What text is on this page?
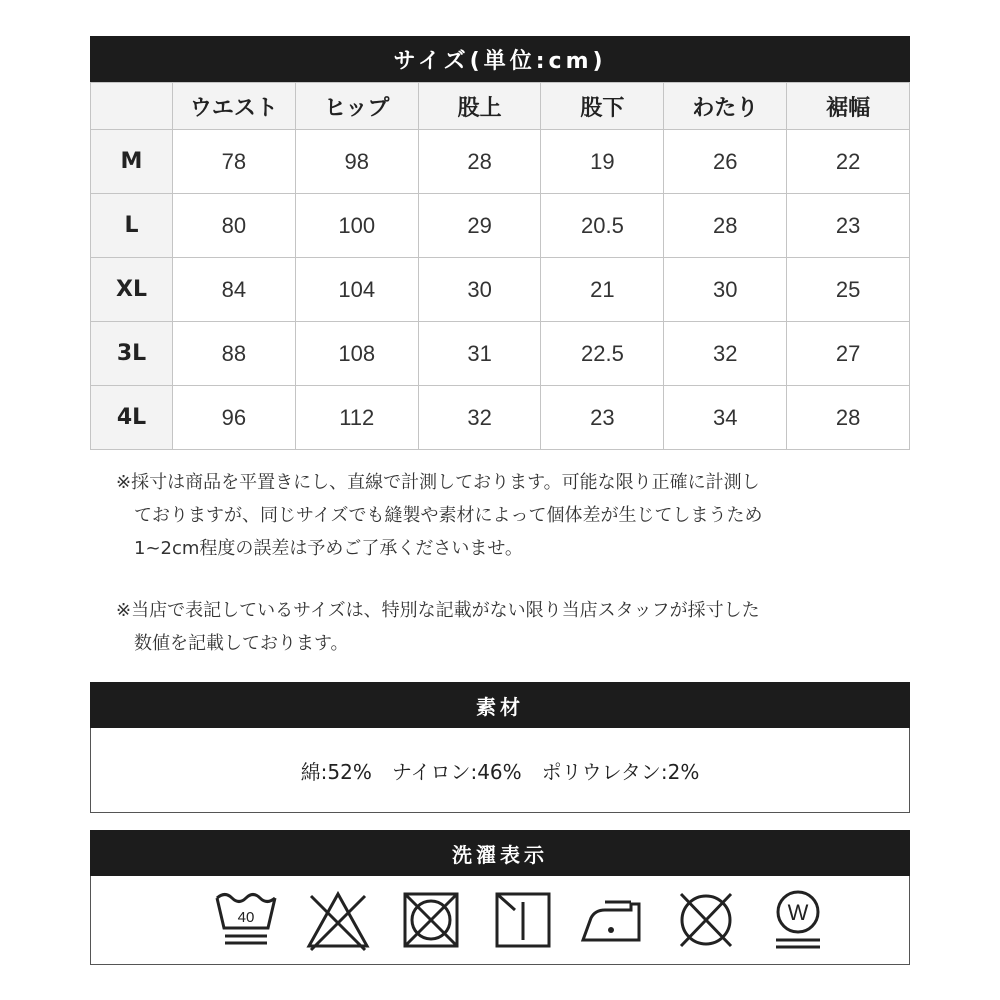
サイズ(単位:cm)
	ウエスト	ヒップ	股上	股下	わたり	裾幅
M	78	98	28	19	26	22
L	80	100	29	20.5	28	23
XL	84	104	30	21	30	25
3L	88	108	31	22.5	32	27
4L	96	112	32	23	34	28
※採寸は商品を平置きにし、直線で計測しております。可能な限り正確に計測し
ておりますが、同じサイズでも縫製や素材によって個体差が生じてしまうため
1~2cm程度の誤差は予めご了承くださいませ。
※当店で表記しているサイズは、特別な記載がない限り当店スタッフが採寸した
数値を記載しております。
素材
綿:52%　ナイロン:46%　ポリウレタン:2%
洗濯表示
40	W
